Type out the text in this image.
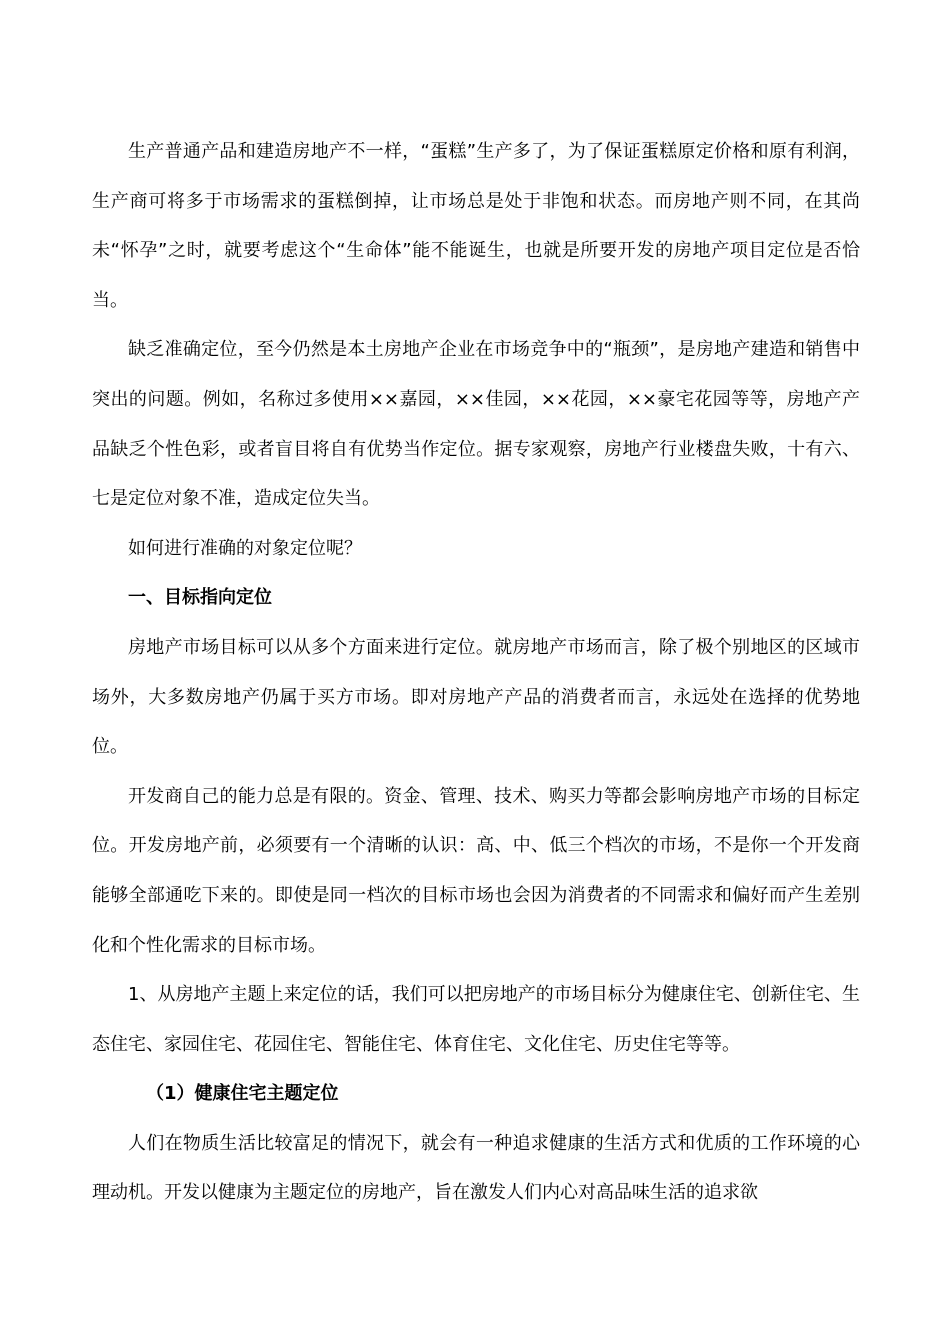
生产普通产品和建造房地产不一样，“蛋糕”生产多了，为了保证蛋糕原定价格和原有利润，生产商可将多于市场需求的蛋糕倒掉，让市场总是处于非饱和状态。而房地产则不同，在其尚未“怀孕”之时，就要考虑这个“生命体”能不能诞生，也就是所要开发的房地产项目定位是否恰当。

缺乏准确定位，至今仍然是本土房地产企业在市场竞争中的“瓶颈”，是房地产建造和销售中突出的问题。例如，名称过多使用××嘉园，××佳园，××花园，××豪宅花园等等，房地产产品缺乏个性色彩，或者盲目将自有优势当作定位。据专家观察，房地产行业楼盘失败，十有六、七是定位对象不准，造成定位失当。

如何进行准确的对象定位呢？

一、目标指向定位

房地产市场目标可以从多个方面来进行定位。就房地产市场而言，除了极个别地区的区域市场外，大多数房地产仍属于买方市场。即对房地产产品的消费者而言，永远处在选择的优势地位。

开发商自己的能力总是有限的。资金、管理、技术、购买力等都会影响房地产市场的目标定位。开发房地产前，必须要有一个清晰的认识：高、中、低三个档次的市场，不是你一个开发商能够全部通吃下来的。即使是同一档次的目标市场也会因为消费者的不同需求和偏好而产生差别化和个性化需求的目标市场。

1、从房地产主题上来定位的话，我们可以把房地产的市场目标分为健康住宅、创新住宅、生态住宅、家园住宅、花园住宅、智能住宅、体育住宅、文化住宅、历史住宅等等。

（1）健康住宅主题定位

人们在物质生活比较富足的情况下，就会有一种追求健康的生活方式和优质的工作环境的心理动机。开发以健康为主题定位的房地产，旨在激发人们内心对高品味生活的追求欲
